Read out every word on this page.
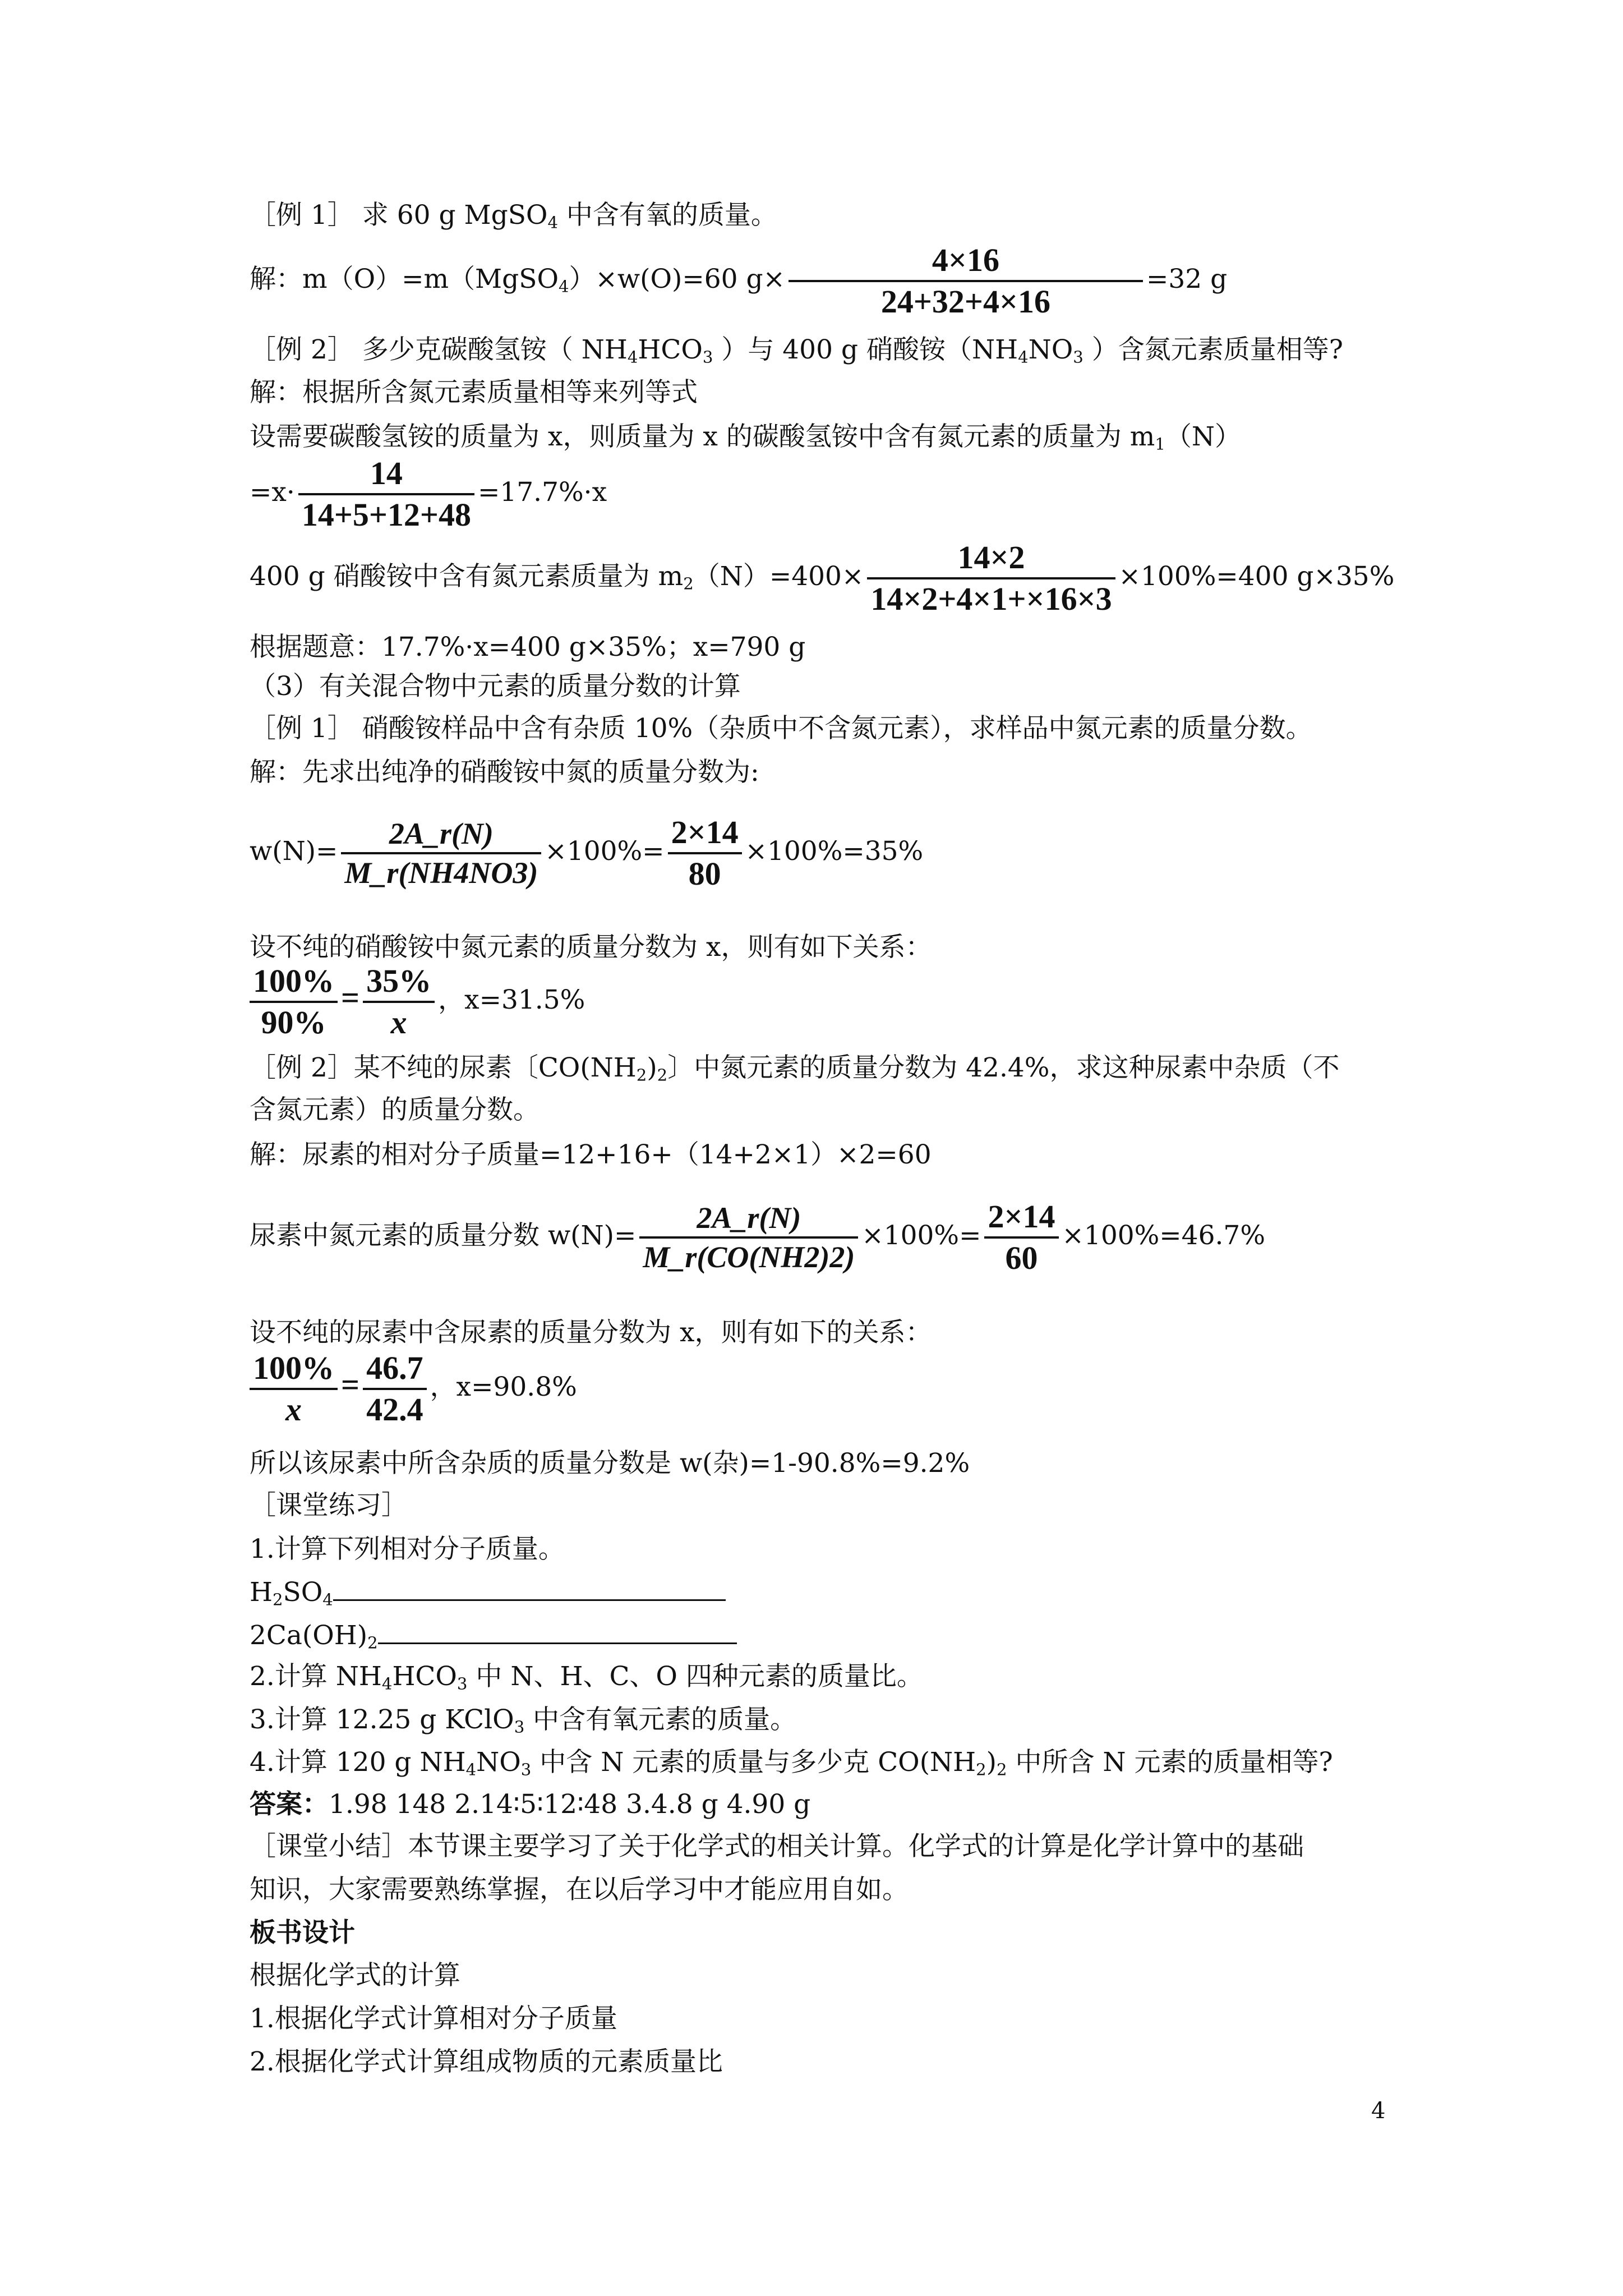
［例 1］ 求 60 g MgSO$_4$ 中含有氧的质量。
解：m（O）=m（MgSO$_4$）×w(O)=60 $g\times \frac{4\times 16}{24+32+4\times 16} =32$ g
［例 2］ 多少克碳酸氢铵（ $NH_4HCO_3$ ）与 400 g 硝酸铵（$NH_4NO_3$ ）含氮元素质量相等?
解：根据所含氮元素质量相等来列等式
设需要碳酸氢铵的质量为 x，则质量为 x 的碳酸氢铵中含有氮元素的质量为 $m_1(N)$
$=x\cdot \frac{14}{14+5+12+48} =17.7\%\cdot x$
400 g 硝酸铵中含有氮元素质量为 $m_2(N)=400\times \frac{14\times 2}{14\times 2+4\times 1+\times 16\times 3} \times 100\%=400$ g×35%
根据题意：17.7%·x=400 g×35%；x=790 g
（3）有关混合物中元素的质量分数的计算
［例 1］ 硝酸铵样品中含有杂质 10%（杂质中不含氮元素），求样品中氮元素的质量分数。
解：先求出纯净的硝酸铵中氮的质量分数为:
$w(N)= \frac{2A\_r(N)}{M\_r(NH4NO3)} \times 100\%= \frac{2\times 14}{80} \times 100\%=35\%$
设不纯的硝酸铵中氮元素的质量分数为 x，则有如下关系：
$\frac{100\%}{90\%} = \frac{35\%}{x}$ ，x=31.5%
［例 2］某不纯的尿素〔$CO(NH_2)_2$〕中氮元素的质量分数为 42.4%，求这种尿素中杂质（不
含氮元素）的质量分数。
解：尿素的相对分子质量=12+16+（14+2×1）×2=60
尿素中氮元素的质量分数 $w(N)= \frac{2A\_r(N)}{M\_r(CO(NH2)2)} \times 100\%= \frac{2\times 14}{60} \times 100\%=46.7\%$
设不纯的尿素中含尿素的质量分数为 x，则有如下的关系：
$\frac{100\%}{x} = \frac{46.7}{42.4}$ ，x=90.8%
所以该尿素中所含杂质的质量分数是 w(杂)=1-90.8%=9.2%
［课堂练习］
1.计算下列相对分子质量。
$H_2SO_4$
$2Ca(OH)_2$
2.计算 $NH_4HCO_3$ 中 N、H、C、O 四种元素的质量比。
3.计算 12.25 g KClO$_3$ 中含有氧元素的质量。
4.计算 120 g $NH_4NO_3$ 中含 N 元素的质量与多少克 $CO(NH_2)_2$ 中所含 N 元素的质量相等?
答案：1.98 148 2.14∶5∶12∶48 3.4.8 g 4.90 g
［课堂小结］本节课主要学习了关于化学式的相关计算。化学式的计算是化学计算中的基础
知识，大家需要熟练掌握，在以后学习中才能应用自如。
板书设计
根据化学式的计算
1.根据化学式计算相对分子质量
2.根据化学式计算组成物质的元素质量比
4
